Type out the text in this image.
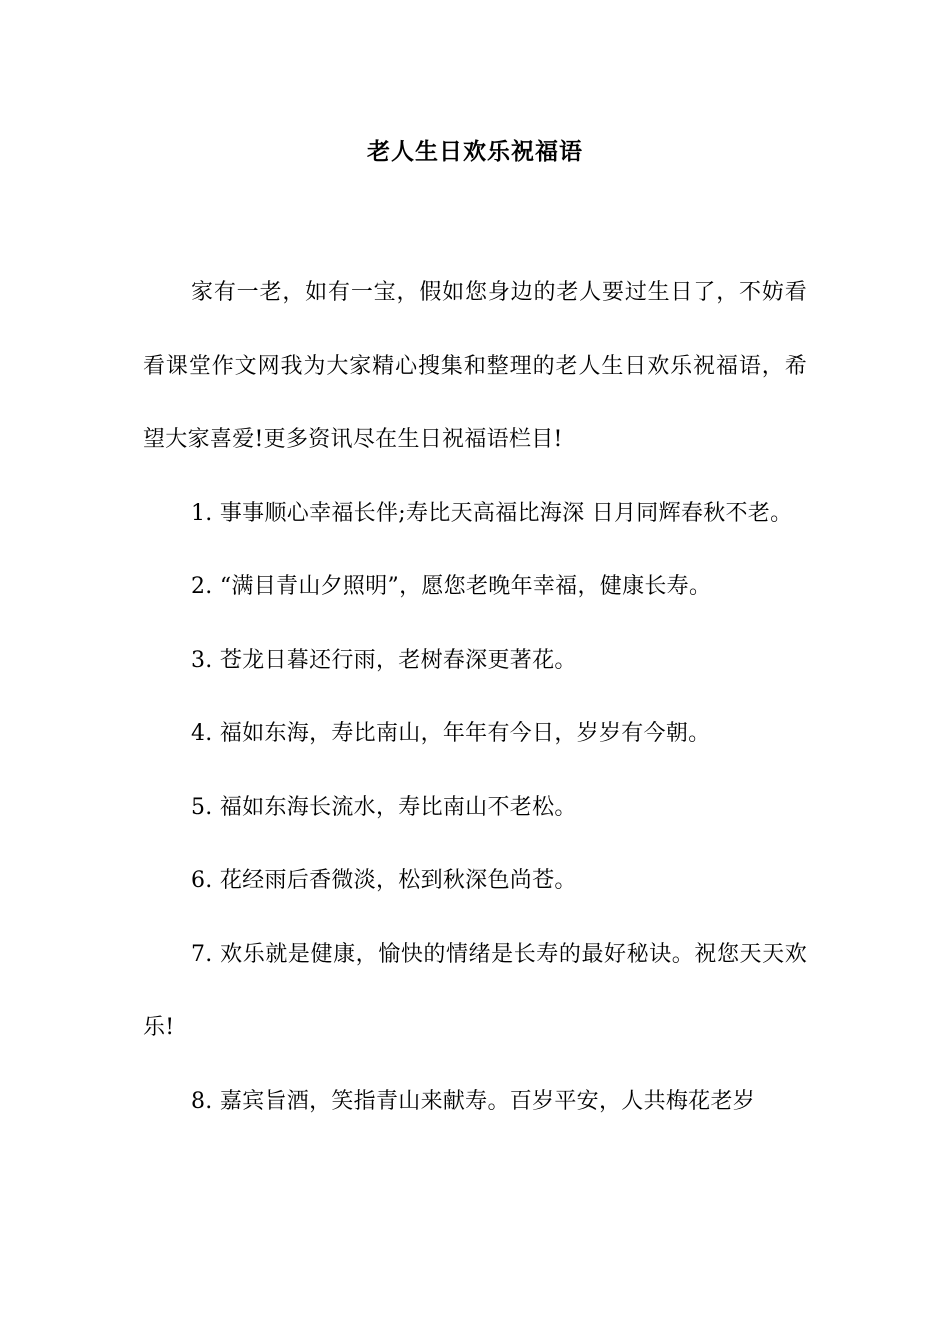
老人生日欢乐祝福语

家有一老，如有一宝，假如您身边的老人要过生日了，不妨看看课堂作文网我为大家精心搜集和整理的老人生日欢乐祝福语，希望大家喜爱!更多资讯尽在生日祝福语栏目!

1. 事事顺心幸福长伴;寿比天高福比海深 日月同辉春秋不老。

2. “满目青山夕照明”，愿您老晚年幸福，健康长寿。

3. 苍龙日暮还行雨，老树春深更著花。

4. 福如东海，寿比南山，年年有今日，岁岁有今朝。

5. 福如东海长流水，寿比南山不老松。

6. 花经雨后香微淡，松到秋深色尚苍。

7. 欢乐就是健康，愉快的情绪是长寿的最好秘诀。祝您天天欢乐!

8. 嘉宾旨酒，笑指青山来献寿。百岁平安，人共梅花老岁
